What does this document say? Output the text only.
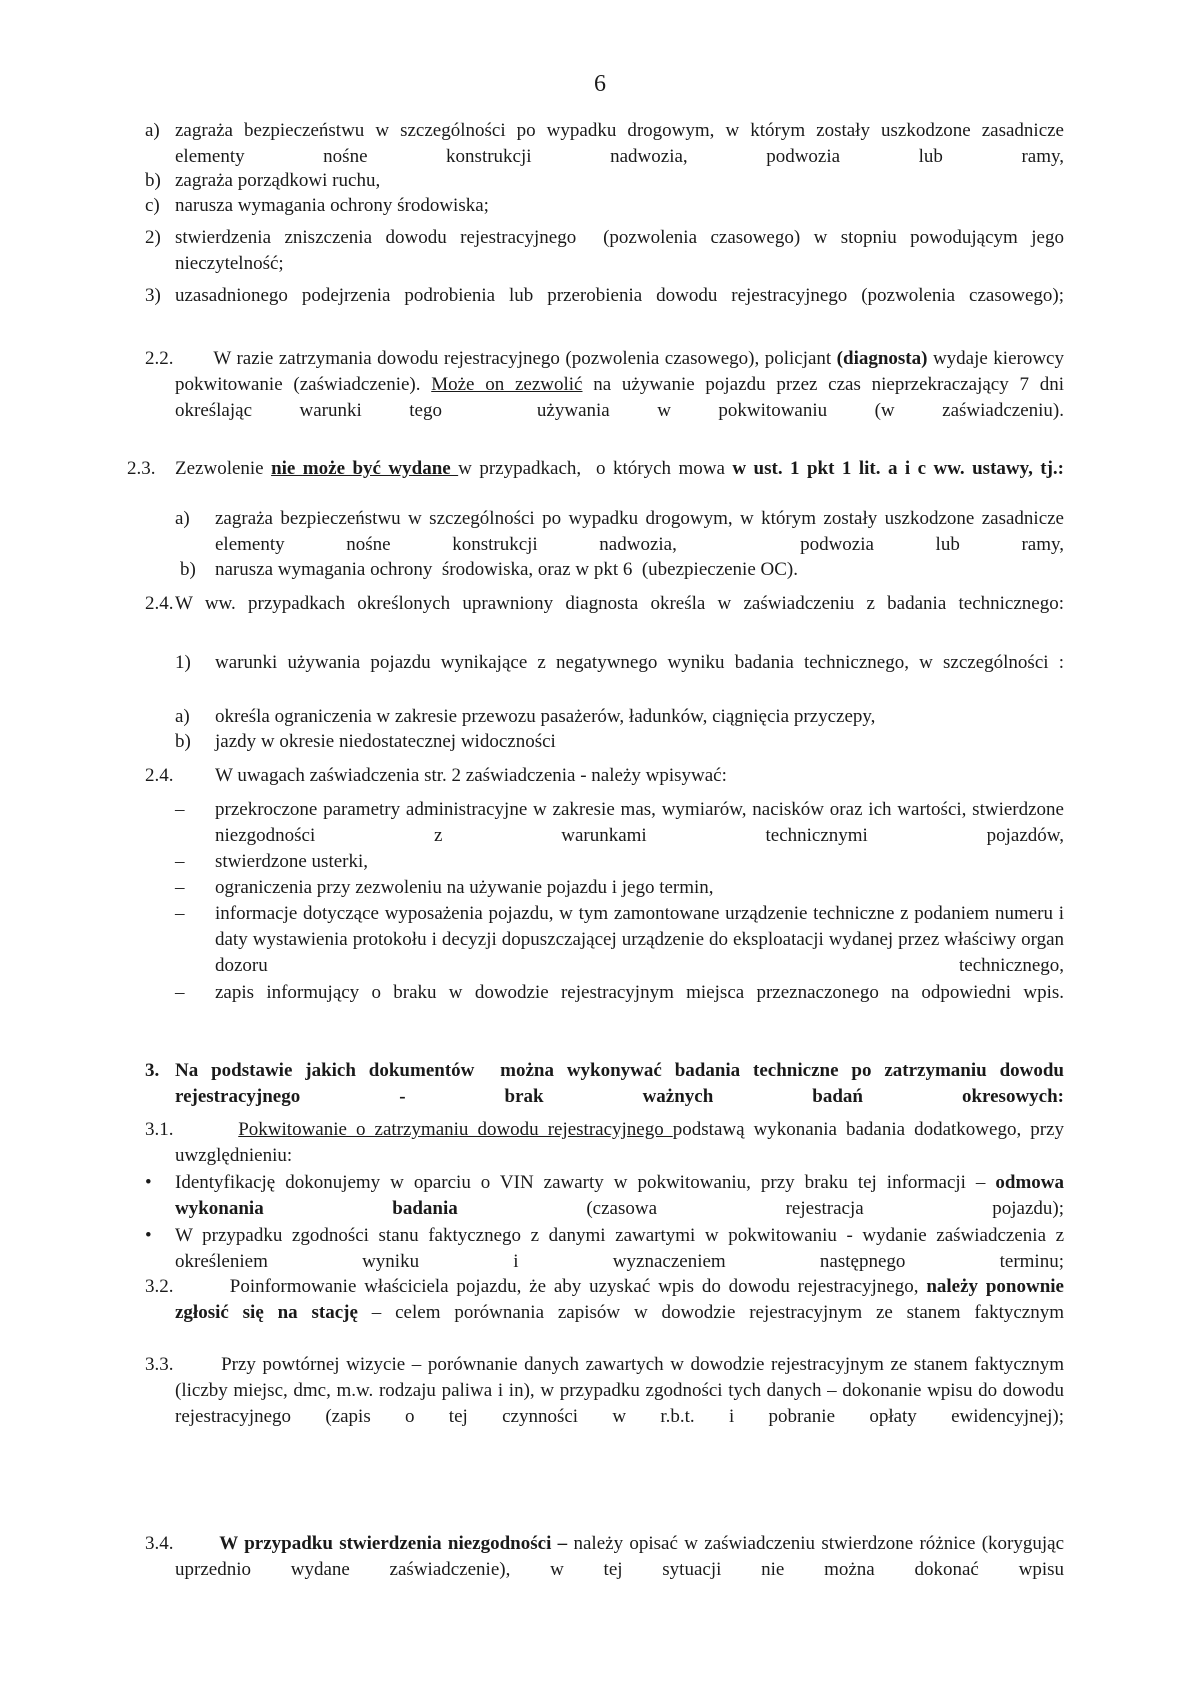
6
a) zagraża bezpieczeństwu w szczególności po wypadku drogowym, w którym zostały uszkodzone zasadnicze elementy nośne konstrukcji nadwozia, podwozia lub ramy,
b) zagraża porządkowi ruchu,
c) narusza wymagania ochrony środowiska;
2) stwierdzenia zniszczenia dowodu rejestracyjnego  (pozwolenia czasowego) w stopniu powodującym jego nieczytelność;
3) uzasadnionego podejrzenia podrobienia lub przerobienia dowodu rejestracyjnego (pozwolenia czasowego);
2.2. W razie zatrzymania dowodu rejestracyjnego (pozwolenia czasowego), policjant (diagnosta) wydaje kierowcy pokwitowanie (zaświadczenie). Może on zezwolić na używanie pojazdu przez czas nieprzekraczający 7 dni określając warunki tego  używania w pokwitowaniu (w zaświadczeniu).
2.3. Zezwolenie nie może być wydane w przypadkach,  o których mowa w ust. 1 pkt 1 lit. a i c ww. ustawy, tj.:
a) zagraża bezpieczeństwu w szczególności po wypadku drogowym, w którym zostały uszkodzone zasadnicze elementy nośne konstrukcji nadwozia,  podwozia lub ramy,
b) narusza wymagania ochrony  środowiska, oraz w pkt 6  (ubezpieczenie OC).
2.4. W ww. przypadkach określonych uprawniony diagnosta określa w zaświadczeniu z badania technicznego:
1) warunki używania pojazdu wynikające z negatywnego wyniku badania technicznego, w szczególności :
a) określa ograniczenia w zakresie przewozu pasażerów, ładunków, ciągnięcia przyczepy,
b) jazdy w okresie niedostatecznej widoczności
2.4. W uwagach zaświadczenia str. 2 zaświadczenia - należy wpisywać:
– przekroczone parametry administracyjne w zakresie mas, wymiarów, nacisków oraz ich wartości, stwierdzone niezgodności z warunkami technicznymi pojazdów,
– stwierdzone usterki,
– ograniczenia przy zezwoleniu na używanie pojazdu i jego termin,
– informacje dotyczące wyposażenia pojazdu, w tym zamontowane urządzenie techniczne z podaniem numeru i daty wystawienia protokołu i decyzji dopuszczającej urządzenie do eksploatacji wydanej przez właściwy organ dozoru technicznego,
– zapis informujący o braku w dowodzie rejestracyjnym miejsca przeznaczonego na odpowiedni wpis.
3. Na podstawie jakich dokumentów  można wykonywać badania techniczne po zatrzymaniu dowodu rejestracyjnego - brak ważnych badań okresowych:
3.1.	Pokwitowanie o zatrzymaniu dowodu rejestracyjnego podstawą wykonania badania dodatkowego, przy uwzględnieniu:
• Identyfikację dokonujemy w oparciu o VIN zawarty w pokwitowaniu, przy braku tej informacji – odmowa wykonania badania (czasowa rejestracja pojazdu);
• W przypadku zgodności stanu faktycznego z danymi zawartymi w pokwitowaniu - wydanie zaświadczenia z określeniem wyniku i wyznaczeniem następnego terminu;
3.2. Poinformowanie właściciela pojazdu, że aby uzyskać wpis do dowodu rejestracyjnego, należy ponownie zgłosić się na stację – celem porównania zapisów w dowodzie rejestracyjnym ze stanem faktycznym
3.3. Przy powtórnej wizycie – porównanie danych zawartych w dowodzie rejestracyjnym ze stanem faktycznym (liczby miejsc, dmc, m.w. rodzaju paliwa i in), w przypadku zgodności tych danych – dokonanie wpisu do dowodu rejestracyjnego (zapis o tej czynności w r.b.t. i pobranie opłaty ewidencyjnej);
3.4.	W przypadku stwierdzenia niezgodności – należy opisać w zaświadczeniu stwierdzone różnice (korygując uprzednio wydane zaświadczenie), w tej sytuacji nie można dokonać wpisu
